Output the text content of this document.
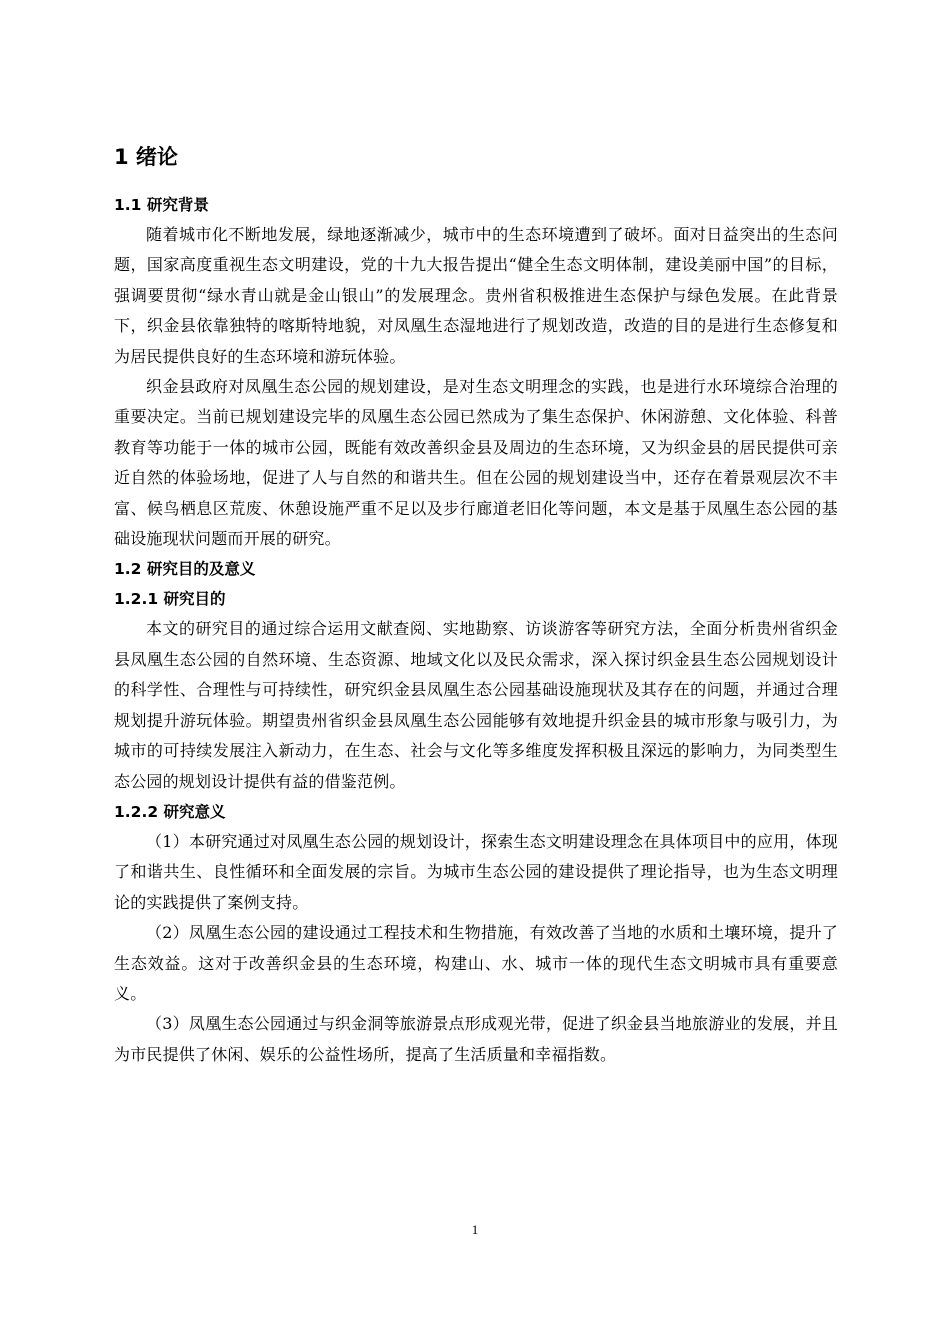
1 绪论
1.1 研究背景

随着城市化不断地发展，绿地逐渐减少，城市中的生态环境遭到了破坏。面对日益突出的生态问题，国家高度重视生态文明建设，党的十九大报告提出“健全生态文明体制，建设美丽中国”的目标，强调要贯彻“绿水青山就是金山银山”的发展理念。贵州省积极推进生态保护与绿色发展。在此背景下，织金县依靠独特的喀斯特地貌，对凤凰生态湿地进行了规划改造，改造的目的是进行生态修复和为居民提供良好的生态环境和游玩体验。

织金县政府对凤凰生态公园的规划建设，是对生态文明理念的实践，也是进行水环境综合治理的重要决定。当前已规划建设完毕的凤凰生态公园已然成为了集生态保护、休闲游憩、文化体验、科普教育等功能于一体的城市公园，既能有效改善织金县及周边的生态环境，又为织金县的居民提供可亲近自然的体验场地，促进了人与自然的和谐共生。但在公园的规划建设当中，还存在着景观层次不丰富、候鸟栖息区荒废、休憩设施严重不足以及步行廊道老旧化等问题，本文是基于凤凰生态公园的基础设施现状问题而开展的研究。

1.2 研究目的及意义
1.2.1 研究目的

本文的研究目的通过综合运用文献查阅、实地勘察、访谈游客等研究方法，全面分析贵州省织金县凤凰生态公园的自然环境、生态资源、地域文化以及民众需求，深入探讨织金县生态公园规划设计的科学性、合理性与可持续性，研究织金县凤凰生态公园基础设施现状及其存在的问题，并通过合理规划提升游玩体验。期望贵州省织金县凤凰生态公园能够有效地提升织金县的城市形象与吸引力，为城市的可持续发展注入新动力，在生态、社会与文化等多维度发挥积极且深远的影响力，为同类型生态公园的规划设计提供有益的借鉴范例。

1.2.2 研究意义

（1）本研究通过对凤凰生态公园的规划设计，探索生态文明建设理念在具体项目中的应用，体现了和谐共生、良性循环和全面发展的宗旨。为城市生态公园的建设提供了理论指导，也为生态文明理论的实践提供了案例支持。

（2）凤凰生态公园的建设通过工程技术和生物措施，有效改善了当地的水质和土壤环境，提升了生态效益。这对于改善织金县的生态环境，构建山、水、城市一体的现代生态文明城市具有重要意义。

（3）凤凰生态公园通过与织金洞等旅游景点形成观光带，促进了织金县当地旅游业的发展，并且为市民提供了休闲、娱乐的公益性场所，提高了生活质量和幸福指数。

1
